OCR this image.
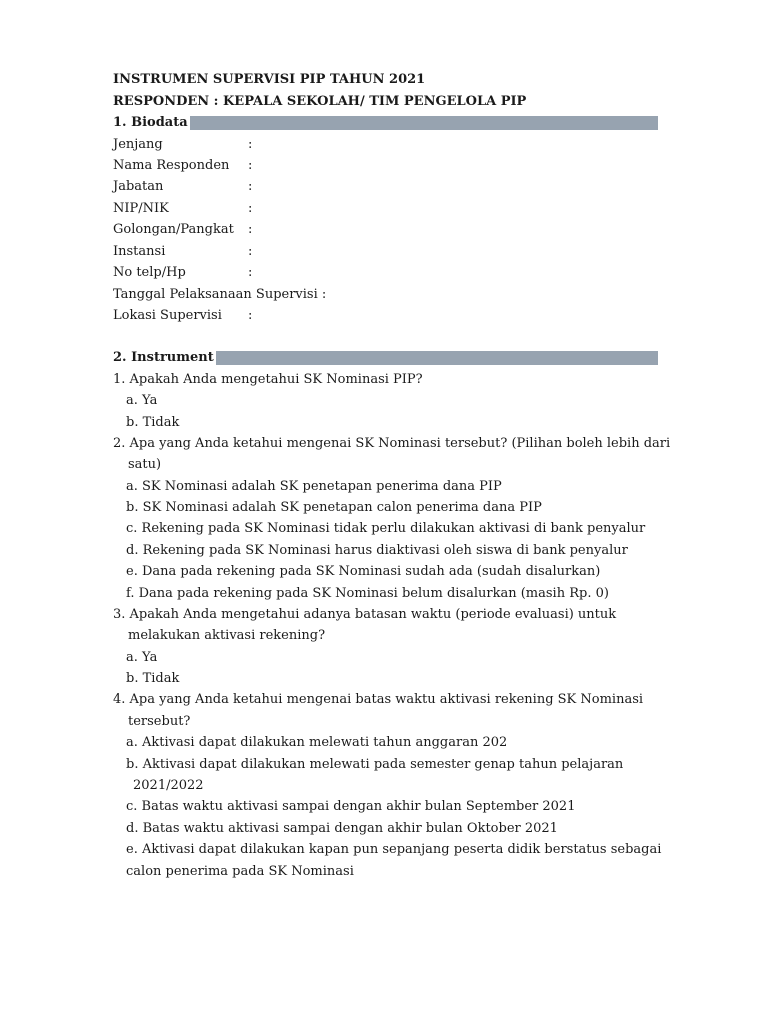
INSTRUMEN SUPERVISI PIP TAHUN 2021
RESPONDEN : KEPALA SEKOLAH/ TIM PENGELOLA PIP
1. Biodata
Jenjang	:
Nama Responden :
Jabatan	:
NIP/NIK	:
Golongan/Pangkat :
Instansi	:
No telp/Hp	:
Tanggal Pelaksanaan Supervisi :
Lokasi Supervisi :
2. Instrument
1. Apakah Anda mengetahui SK Nominasi PIP?
a. Ya
b. Tidak
2. Apa yang Anda ketahui mengenai SK Nominasi tersebut? (Pilihan boleh lebih dari
satu)
a. SK Nominasi adalah SK penetapan penerima dana PIP
b. SK Nominasi adalah SK penetapan calon penerima dana PIP
c. Rekening pada SK Nominasi tidak perlu dilakukan aktivasi di bank penyalur
d. Rekening pada SK Nominasi harus diaktivasi oleh siswa di bank penyalur
e. Dana pada rekening pada SK Nominasi sudah ada (sudah disalurkan)
f. Dana pada rekening pada SK Nominasi belum disalurkan (masih Rp. 0)
3. Apakah Anda mengetahui adanya batasan waktu (periode evaluasi) untuk
melakukan aktivasi rekening?
a. Ya
b. Tidak
4. Apa yang Anda ketahui mengenai batas waktu aktivasi rekening SK Nominasi
tersebut?
a. Aktivasi dapat dilakukan melewati tahun anggaran 202
b. Aktivasi dapat dilakukan melewati pada semester genap tahun pelajaran
2021/2022
c. Batas waktu aktivasi sampai dengan akhir bulan September 2021
d. Batas waktu aktivasi sampai dengan akhir bulan Oktober 2021
e. Aktivasi dapat dilakukan kapan pun sepanjang peserta didik berstatus sebagai
calon penerima pada SK Nominasi
